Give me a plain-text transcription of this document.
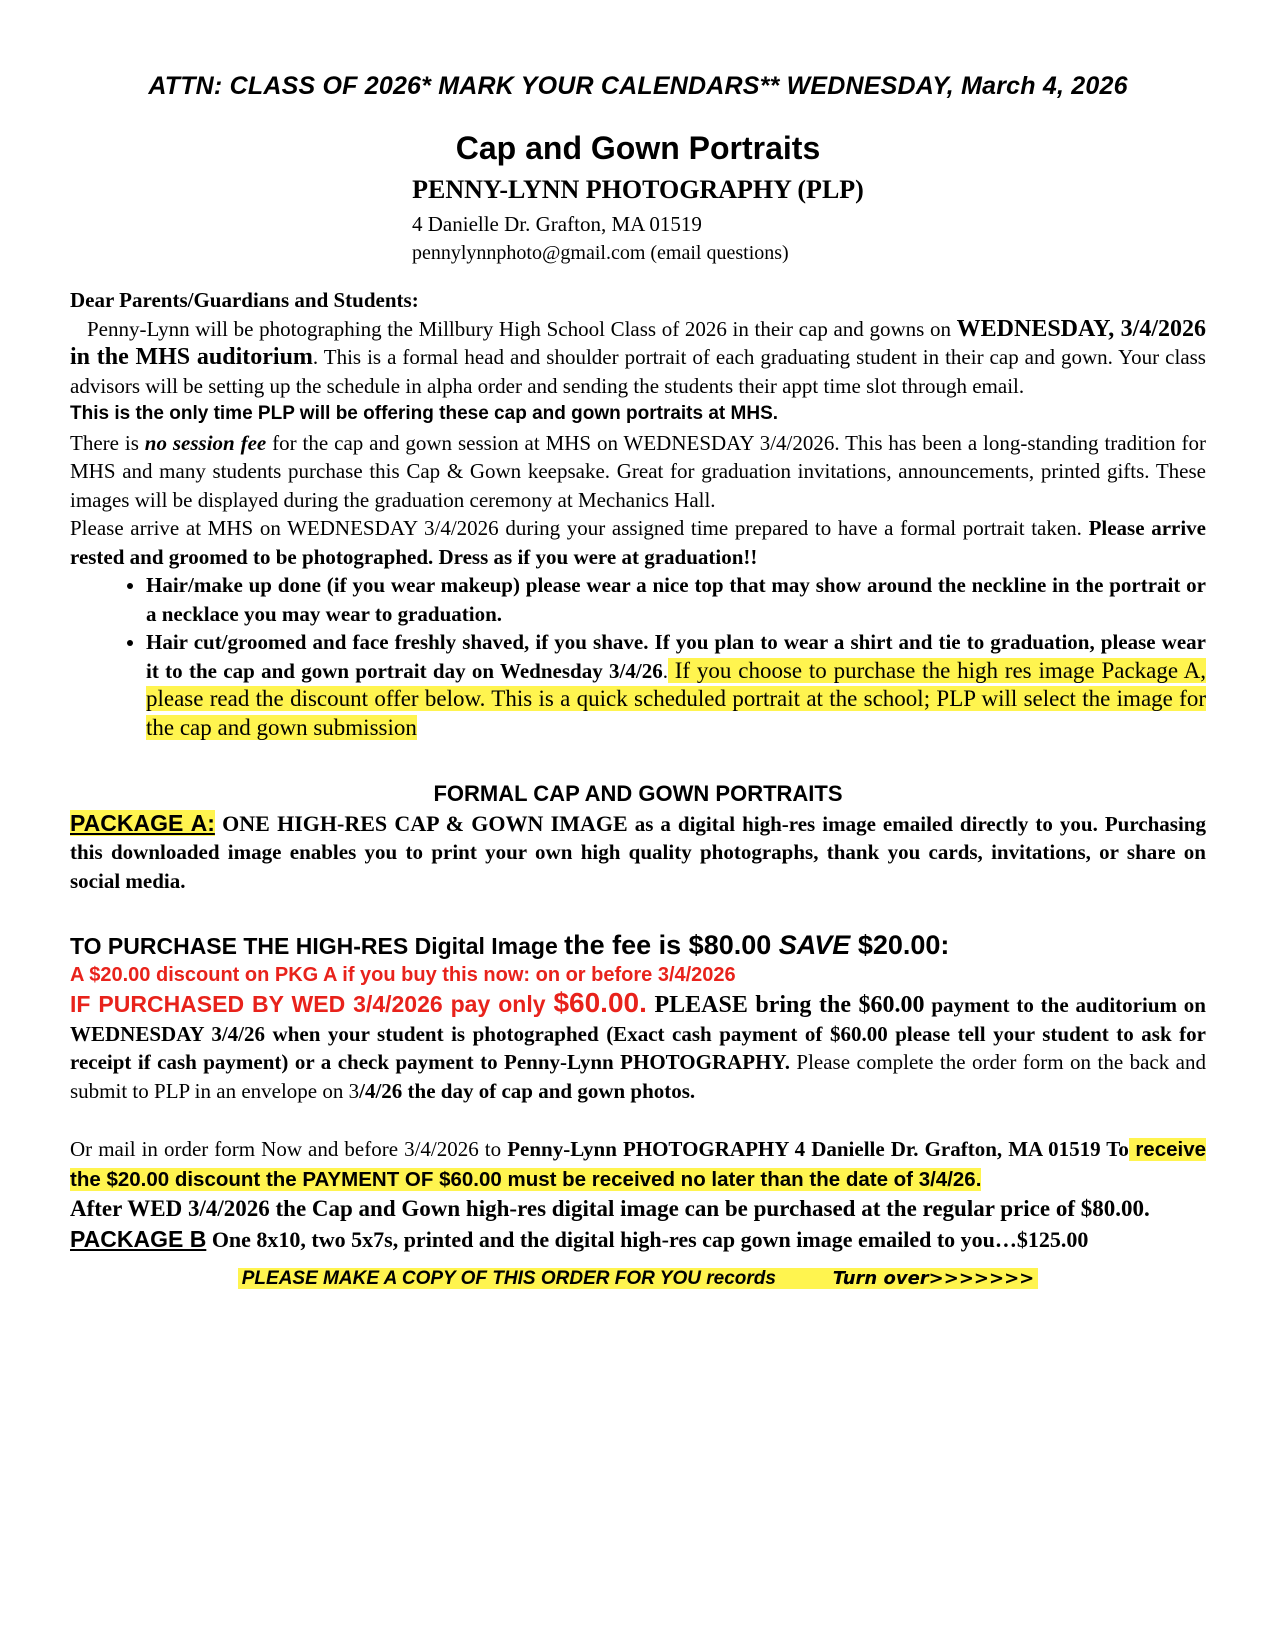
ATTN: CLASS OF 2026* MARK YOUR CALENDARS** WEDNESDAY, March 4, 2026
Cap and Gown Portraits
PENNY-LYNN PHOTOGRAPHY (PLP)
4 Danielle Dr. Grafton, MA 01519
pennylynnphoto@gmail.com (email questions)

Dear Parents/Guardians and Students:

Penny-Lynn will be photographing the Millbury High School Class of 2026 in their cap and gowns on WEDNESDAY, 3/4/2026 in the MHS auditorium. This is a formal head and shoulder portrait of each graduating student in their cap and gown. Your class advisors will be setting up the schedule in alpha order and sending the students their appt time slot through email.

This is the only time PLP will be offering these cap and gown portraits at MHS.

There is no session fee for the cap and gown session at MHS on WEDNESDAY 3/4/2026. This has been a long-standing tradition for MHS and many students purchase this Cap & Gown keepsake. Great for graduation invitations, announcements, printed gifts. These images will be displayed during the graduation ceremony at Mechanics Hall.

Please arrive at MHS on WEDNESDAY 3/4/2026 during your assigned time prepared to have a formal portrait taken. Please arrive rested and groomed to be photographed. Dress as if you were at graduation!!

• Hair/make up done (if you wear makeup) please wear a nice top that may show around the neckline in the portrait or a necklace you may wear to graduation.
• Hair cut/groomed and face freshly shaved, if you shave. If you plan to wear a shirt and tie to graduation, please wear it to the cap and gown portrait day on Wednesday 3/4/26. If you choose to purchase the high res image Package A, please read the discount offer below. This is a quick scheduled portrait at the school; PLP will select the image for the cap and gown submission
FORMAL CAP AND GOWN PORTRAITS

PACKAGE A: ONE HIGH-RES CAP & GOWN IMAGE as a digital high-res image emailed directly to you. Purchasing this downloaded image enables you to print your own high quality photographs, thank you cards, invitations, or share on social media.

TO PURCHASE THE HIGH-RES Digital Image the fee is $80.00 SAVE $20.00:

A $20.00 discount on PKG A if you buy this now: on or before 3/4/2026

IF PURCHASED BY WED 3/4/2026 pay only $60.00. PLEASE bring the $60.00 payment to the auditorium on WEDNESDAY 3/4/26 when your student is photographed (Exact cash payment of $60.00 please tell your student to ask for receipt if cash payment) or a check payment to Penny-Lynn PHOTOGRAPHY. Please complete the order form on the back and submit to PLP in an envelope on 3/4/26 the day of cap and gown photos.

Or mail in order form Now and before 3/4/2026 to Penny-Lynn PHOTOGRAPHY 4 Danielle Dr. Grafton, MA 01519 To receive the $20.00 discount the PAYMENT OF $60.00 must be received no later than the date of 3/4/26.

After WED 3/4/2026 the Cap and Gown high-res digital image can be purchased at the regular price of $80.00.

PACKAGE B One 8x10, two 5x7s, printed and the digital high-res cap gown image emailed to you…$125.00

PLEASE MAKE A COPY OF THIS ORDER FOR YOU records	Turn over>>>>>>>
